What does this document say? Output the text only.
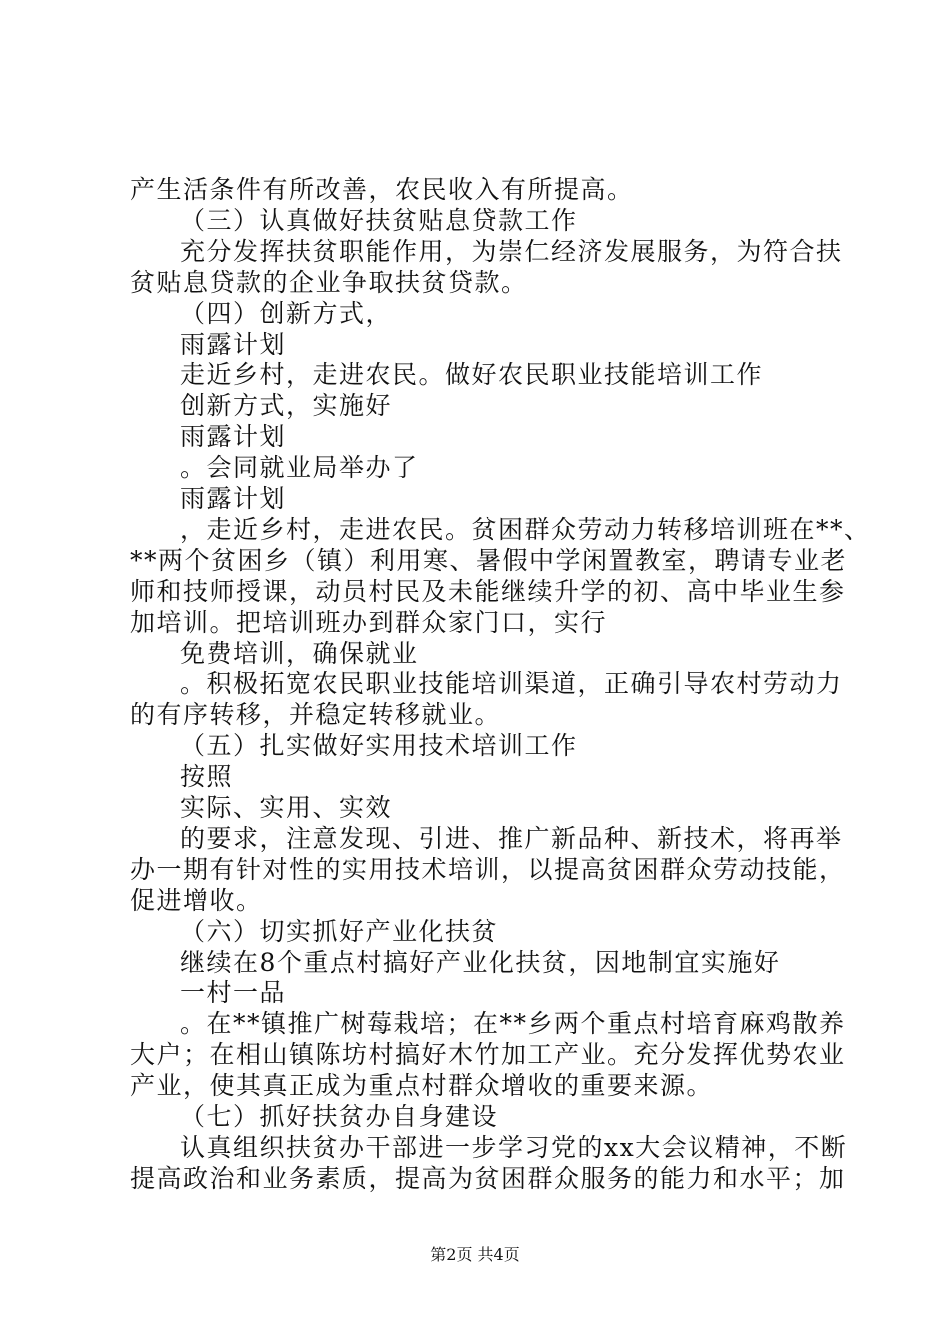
产生活条件有所改善，农民收入有所提高。
（三）认真做好扶贫贴息贷款工作
充分发挥扶贫职能作用，为崇仁经济发展服务，为符合扶
贫贴息贷款的企业争取扶贫贷款。
（四）创新方式，
雨露计划
走近乡村，走进农民。做好农民职业技能培训工作
创新方式，实施好
雨露计划
。会同就业局举办了
雨露计划
，走近乡村，走进农民。贫困群众劳动力转移培训班在**、
**两个贫困乡（镇）利用寒、暑假中学闲置教室，聘请专业老
师和技师授课，动员村民及未能继续升学的初、高中毕业生参
加培训。把培训班办到群众家门口，实行
免费培训，确保就业
。积极拓宽农民职业技能培训渠道，正确引导农村劳动力
的有序转移，并稳定转移就业。
（五）扎实做好实用技术培训工作
按照
实际、实用、实效
的要求，注意发现、引进、推广新品种、新技术，将再举
办一期有针对性的实用技术培训，以提高贫困群众劳动技能，
促进增收。
（六）切实抓好产业化扶贫
继续在8个重点村搞好产业化扶贫，因地制宜实施好
一村一品
。在**镇推广树莓栽培；在**乡两个重点村培育麻鸡散养
大户；在相山镇陈坊村搞好木竹加工产业。充分发挥优势农业
产业，使其真正成为重点村群众增收的重要来源。
（七）抓好扶贫办自身建设
认真组织扶贫办干部进一步学习党的xx大会议精神，不断
提高政治和业务素质，提高为贫困群众服务的能力和水平；加
第2页 共4页
